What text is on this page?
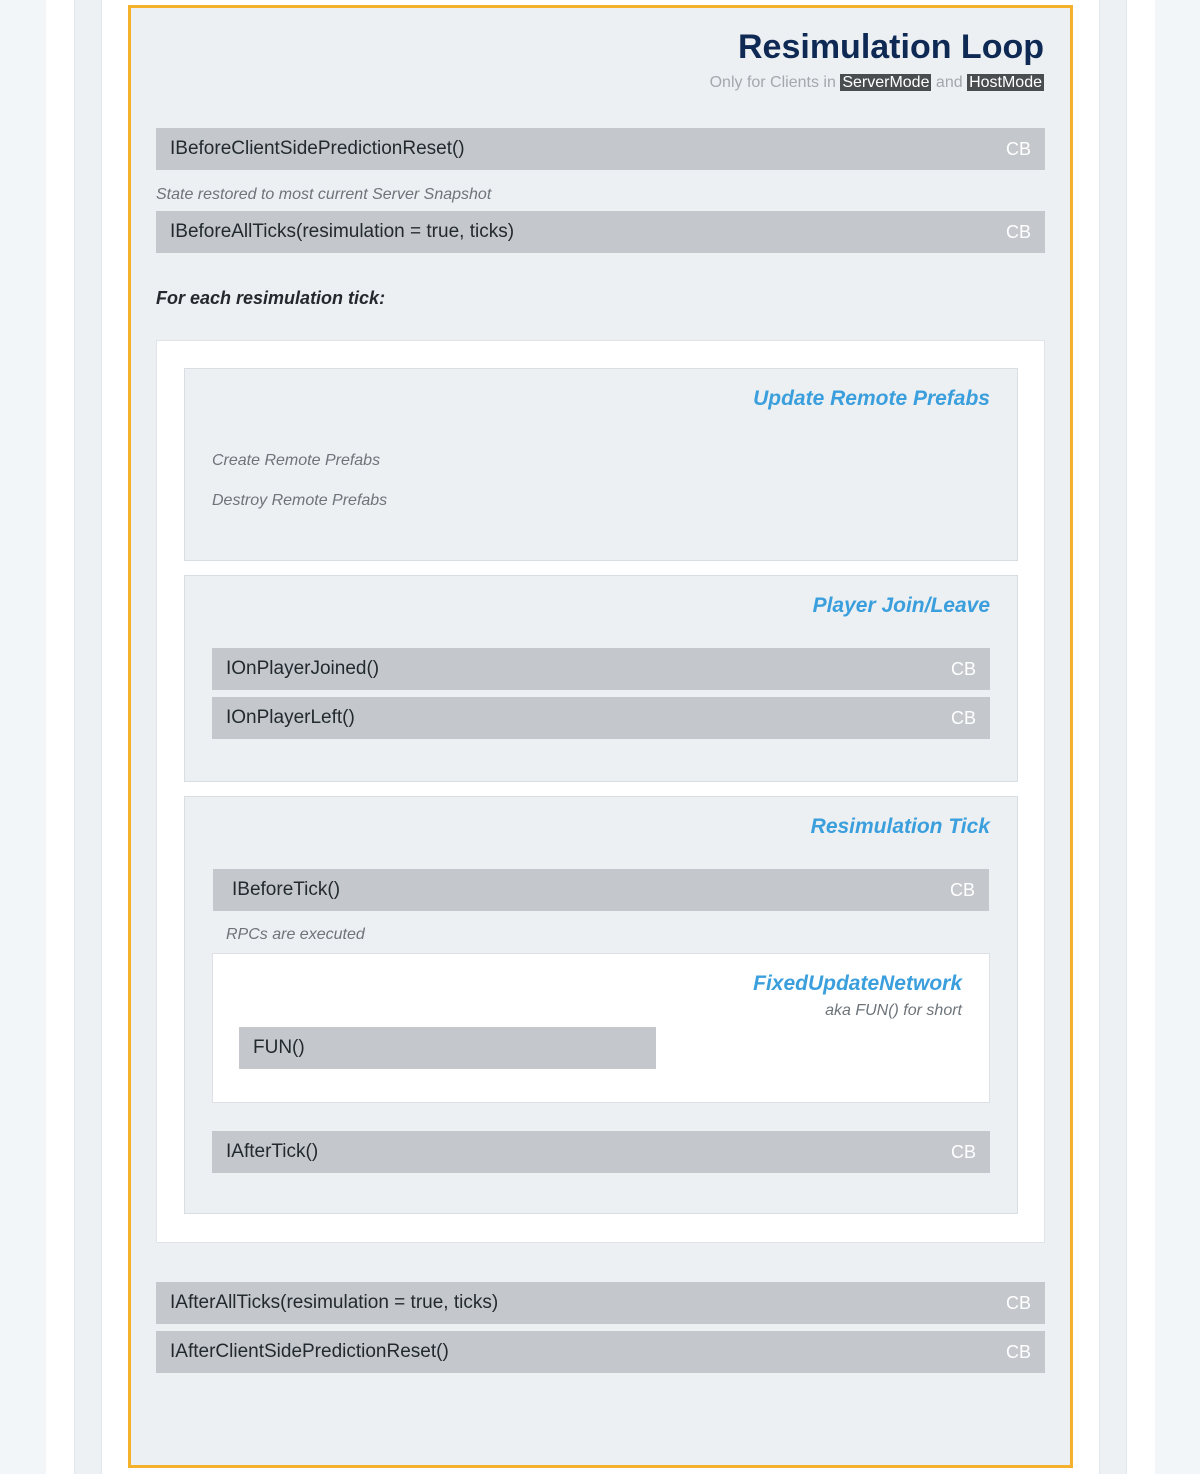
Resimulation Loop
Only for Clients in ServerMode and HostMode
IBeforeClientSidePredictionReset()	CB
State restored to most current Server Snapshot
IBeforeAllTicks(resimulation = true, ticks)	CB
For each resimulation tick:
Update Remote Prefabs
Create Remote Prefabs
Destroy Remote Prefabs
Player Join/Leave
IOnPlayerJoined()	CB
IOnPlayerLeft()	CB
Resimulation Tick
IBeforeTick()	CB
RPCs are executed
FixedUpdateNetwork
aka FUN() for short
FUN()
IAfterTick()	CB
IAfterAllTicks(resimulation = true, ticks)	CB
IAfterClientSidePredictionReset()	CB
